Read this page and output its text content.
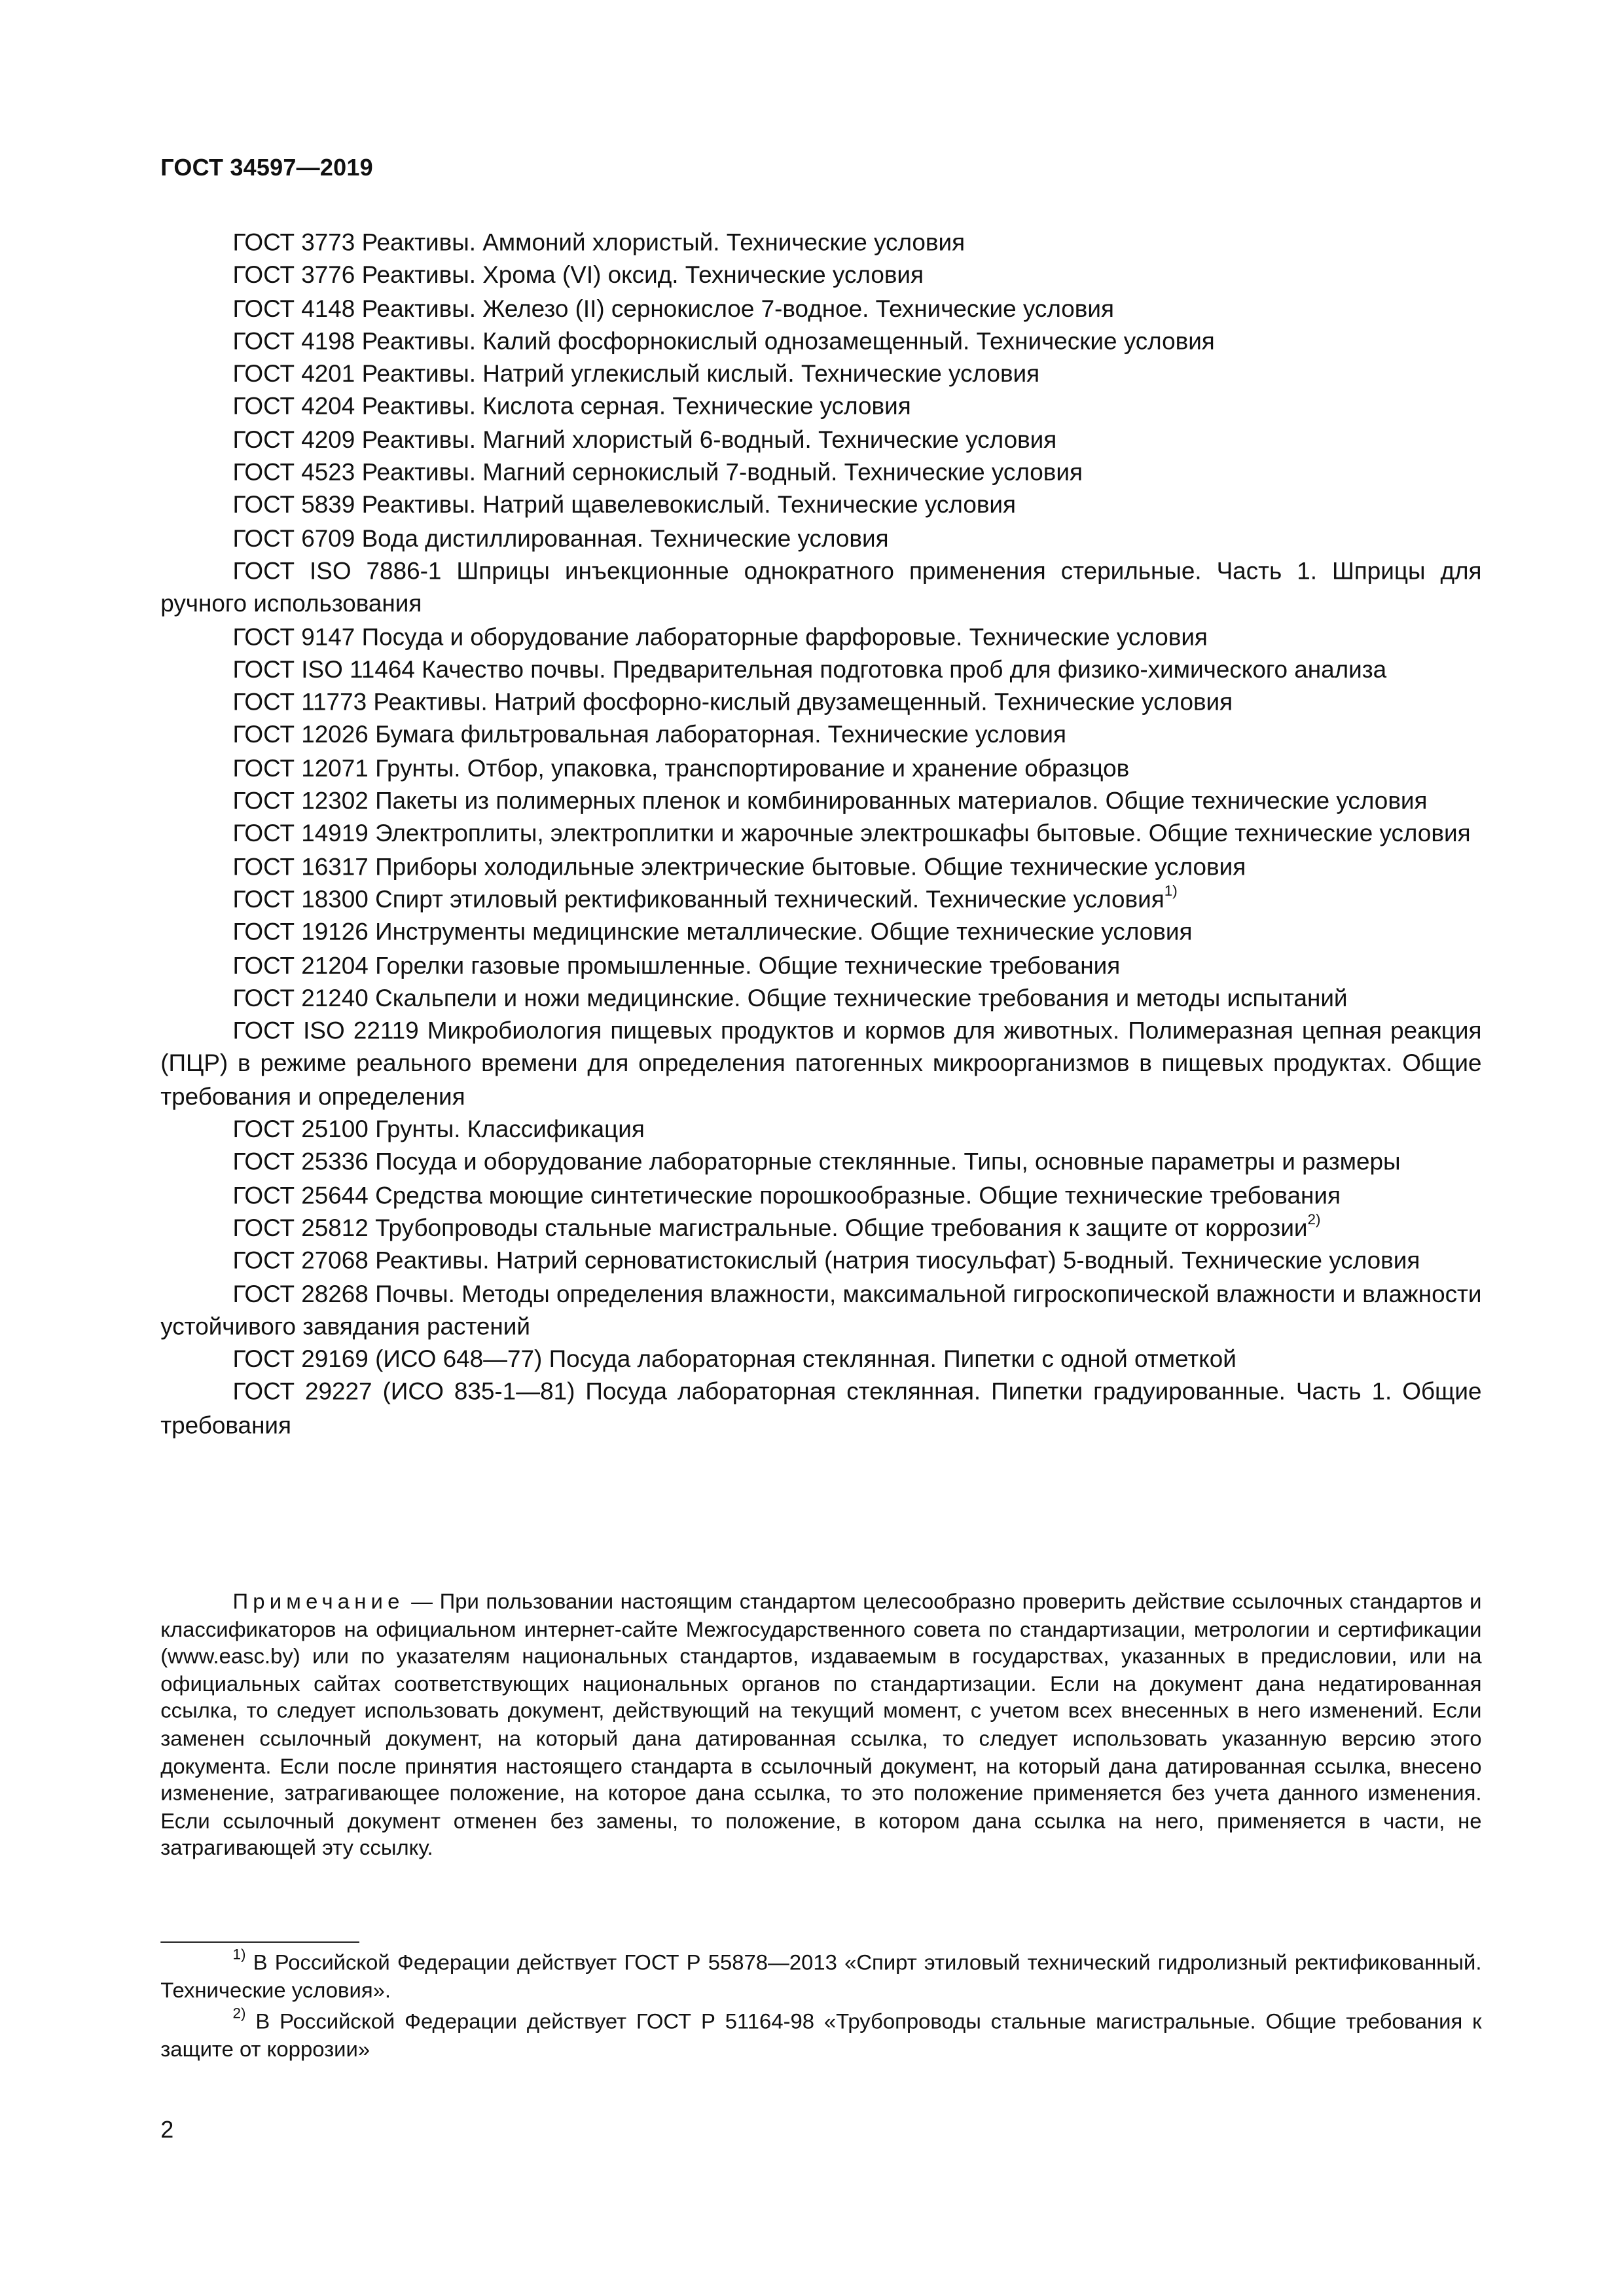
ГОСТ 34597—2019

ГОСТ 3773 Реактивы. Аммоний хлористый. Технические условия

ГОСТ 3776 Реактивы. Хрома (VI) оксид. Технические условия

ГОСТ 4148 Реактивы. Железо (II) сернокислое 7-водное. Технические условия

ГОСТ 4198 Реактивы. Калий фосфорнокислый однозамещенный. Технические условия

ГОСТ 4201 Реактивы. Натрий углекислый кислый. Технические условия

ГОСТ 4204 Реактивы. Кислота серная. Технические условия

ГОСТ 4209 Реактивы. Магний хлористый 6-водный. Технические условия

ГОСТ 4523 Реактивы. Магний сернокислый 7-водный. Технические условия

ГОСТ 5839 Реактивы. Натрий щавелевокислый. Технические условия

ГОСТ 6709 Вода дистиллированная. Технические условия

ГОСТ ISO 7886-1 Шприцы инъекционные однократного применения стерильные. Часть 1. Шприцы для ручного использования

ГОСТ 9147 Посуда и оборудование лабораторные фарфоровые. Технические условия

ГОСТ ISO 11464 Качество почвы. Предварительная подготовка проб для физико-химического анализа

ГОСТ 11773 Реактивы. Натрий фосфорно-кислый двузамещенный. Технические условия

ГОСТ 12026 Бумага фильтровальная лабораторная. Технические условия

ГОСТ 12071 Грунты. Отбор, упаковка, транспортирование и хранение образцов

ГОСТ 12302 Пакеты из полимерных пленок и комбинированных материалов. Общие технические условия

ГОСТ 14919 Электроплиты, электроплитки и жарочные электрошкафы бытовые. Общие технические условия

ГОСТ 16317 Приборы холодильные электрические бытовые. Общие технические условия

ГОСТ 18300 Спирт этиловый ректификованный технический. Технические условия$^{1)}$

ГОСТ 19126 Инструменты медицинские металлические. Общие технические условия

ГОСТ 21204 Горелки газовые промышленные. Общие технические требования

ГОСТ 21240 Скальпели и ножи медицинские. Общие технические требования и методы испытаний

ГОСТ ISO 22119 Микробиология пищевых продуктов и кормов для животных. Полимеразная цепная реакция (ПЦР) в режиме реального времени для определения патогенных микроорганизмов в пищевых продуктах. Общие требования и определения

ГОСТ 25100 Грунты. Классификация

ГОСТ 25336 Посуда и оборудование лабораторные стеклянные. Типы, основные параметры и размеры

ГОСТ 25644 Средства моющие синтетические порошкообразные. Общие технические требования

ГОСТ 25812 Трубопроводы стальные магистральные. Общие требования к защите от коррозии$^{2)}$

ГОСТ 27068 Реактивы. Натрий серноватистокислый (натрия тиосульфат) 5-водный. Технические условия

ГОСТ 28268 Почвы. Методы определения влажности, максимальной гигроскопической влажности и влажности устойчивого завядания растений

ГОСТ 29169 (ИСО 648—77) Посуда лабораторная стеклянная. Пипетки с одной отметкой

ГОСТ 29227 (ИСО 835-1—81) Посуда лабораторная стеклянная. Пипетки градуированные. Часть 1. Общие требования

Примечание — При пользовании настоящим стандартом целесообразно проверить действие ссылочных стандартов и классификаторов на официальном интернет-сайте Межгосударственного совета по стандартизации, метрологии и сертификации (www.easc.by) или по указателям национальных стандартов, издаваемым в государствах, указанных в предисловии, или на официальных сайтах соответствующих национальных органов по стандартизации. Если на документ дана недатированная ссылка, то следует использовать документ, действующий на текущий момент, с учетом всех внесенных в него изменений. Если заменен ссылочный документ, на который дана датированная ссылка, то следует использовать указанную версию этого документа. Если после принятия настоящего стандарта в ссылочный документ, на который дана датированная ссылка, внесено изменение, затрагивающее положение, на которое дана ссылка, то это положение применяется без учета данного изменения. Если ссылочный документ отменен без замены, то положение, в котором дана ссылка на него, применяется в части, не затрагивающей эту ссылку.

$^{1)}$ В Российской Федерации действует ГОСТ Р 55878—2013 «Спирт этиловый технический гидролизный ректификованный. Технические условия».

$^{2)}$ В Российской Федерации действует ГОСТ Р 51164-98 «Трубопроводы стальные магистральные. Общие требования к защите от коррозии»

2
